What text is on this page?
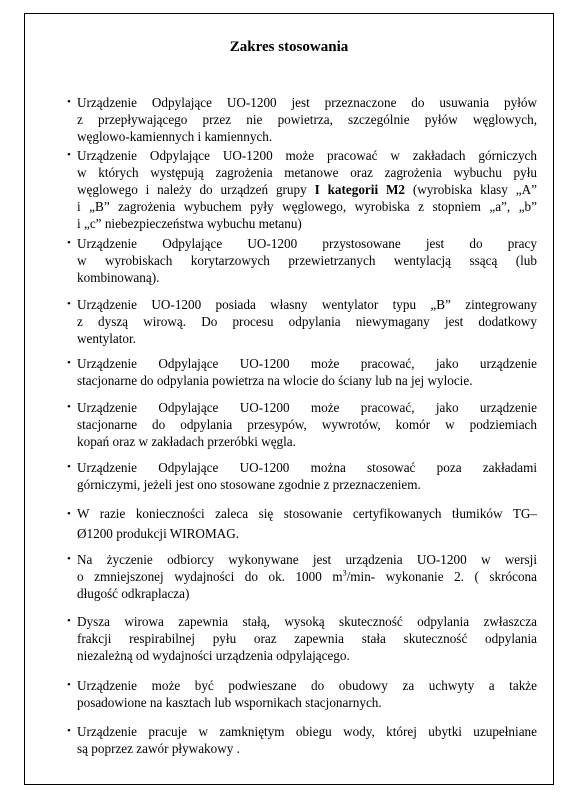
Zakres stosowania
• Urządzenie Odpylające UO-1200 jest przeznaczone do usuwania pyłów
z przepływającego przez nie powietrza, szczególnie pyłów węglowych,
węglowo-kamiennych i kamiennych.
• Urządzenie Odpylające UO-1200 może pracować w zakładach górniczych
w których występują zagrożenia metanowe oraz zagrożenia wybuchu pyłu
węglowego i należy do urządzeń grupy I kategorii M2 (wyrobiska klasy „A”
i „B” zagrożenia wybuchem pyły węglowego, wyrobiska z stopniem „a”, „b”
i „c” niebezpieczeństwa wybuchu metanu)
• Urządzenie Odpylające UO-1200 przystosowane jest do pracy
w wyrobiskach korytarzowych przewietrzanych wentylacją ssącą (lub
kombinowaną).
• Urządzenie UO-1200 posiada własny wentylator typu „B” zintegrowany
z dyszą wirową. Do procesu odpylania niewymagany jest dodatkowy
wentylator.
• Urządzenie Odpylające UO-1200 może pracować, jako urządzenie
stacjonarne do odpylania powietrza na wlocie do ściany lub na jej wylocie.
• Urządzenie Odpylające UO-1200 może pracować, jako urządzenie
stacjonarne do odpylania przesypów, wywrotów, komór w podziemiach
kopań oraz w zakładach przeróbki węgla.
• Urządzenie Odpylające UO-1200 można stosować poza zakładami
górniczymi, jeżeli jest ono stosowane zgodnie z przeznaczeniem.
• W razie konieczności zaleca się stosowanie certyfikowanych tłumików TG–
Ø1200 produkcji WIROMAG.
• Na życzenie odbiorcy wykonywane jest urządzenia UO-1200 w wersji
o zmniejszonej wydajności do ok. 1000 $m^3/\min-$ wykonanie 2. ( skrócona
długość odkraplacza)
• Dysza wirowa zapewnia stałą, wysoką skuteczność odpylania zwłaszcza
frakcji respirabilnej pyłu oraz zapewnia stała skuteczność odpylania
niezależną od wydajności urządzenia odpylającego.
• Urządzenie może być podwieszane do obudowy za uchwyty a także
posadowione na kasztach lub wspornikach stacjonarnych.
• Urządzenie pracuje w zamkniętym obiegu wody, której ubytki uzupełniane
są poprzez zawór pływakowy .
